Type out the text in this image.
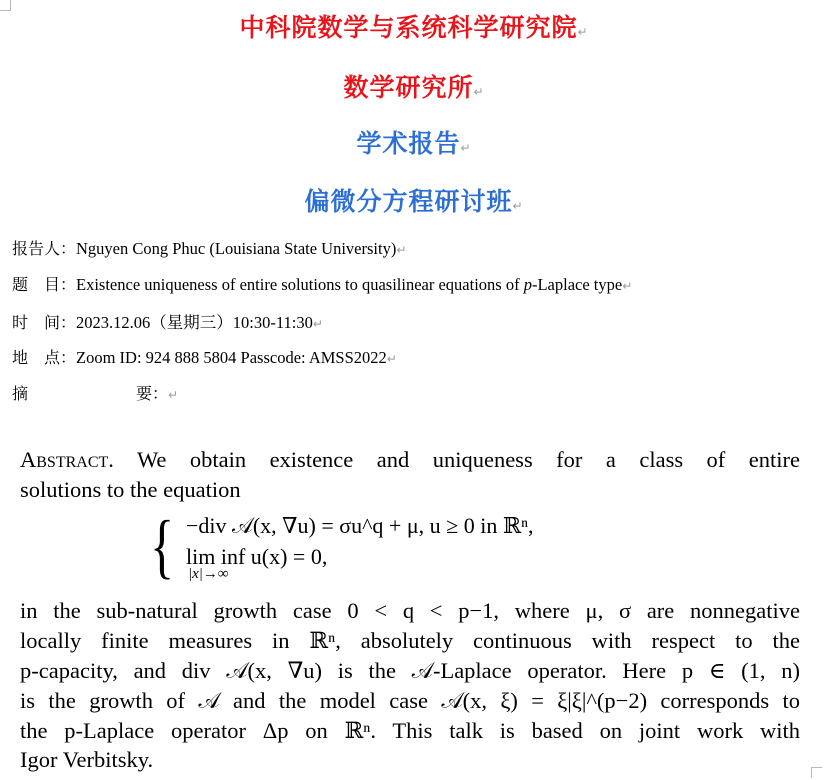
中科院数学与系统科学研究院↵
数学研究所↵
学术报告↵
偏微分方程研讨班↵
报告人：Nguyen Cong Phuc (Louisiana State University)↵
题　目：Existence uniqueness of entire solutions to quasilinear equations of p-Laplace type↵
时　间：2023.12.06（星期三）10:30-11:30↵
地　点：Zoom ID: 924 888 5804 Passcode: AMSS2022↵
摘	要：↵
Abstract. We obtain existence and uniqueness for a class of entire
solutions to the equation
{ −div 𝒜(x, ∇u) = σu^q + μ, u ≥ 0 in ℝⁿ,
lim inf u(x) = 0,
|x|→∞
in the sub-natural growth case 0 < q < p−1, where μ, σ are nonnegative
locally finite measures in ℝⁿ, absolutely continuous with respect to the
p-capacity, and div 𝒜(x, ∇u) is the 𝒜-Laplace operator. Here p ∈ (1, n)
is the growth of 𝒜 and the model case 𝒜(x, ξ) = ξ|ξ|^(p−2) corresponds to
the p-Laplace operator Δp on ℝⁿ. This talk is based on joint work with
Igor Verbitsky.
